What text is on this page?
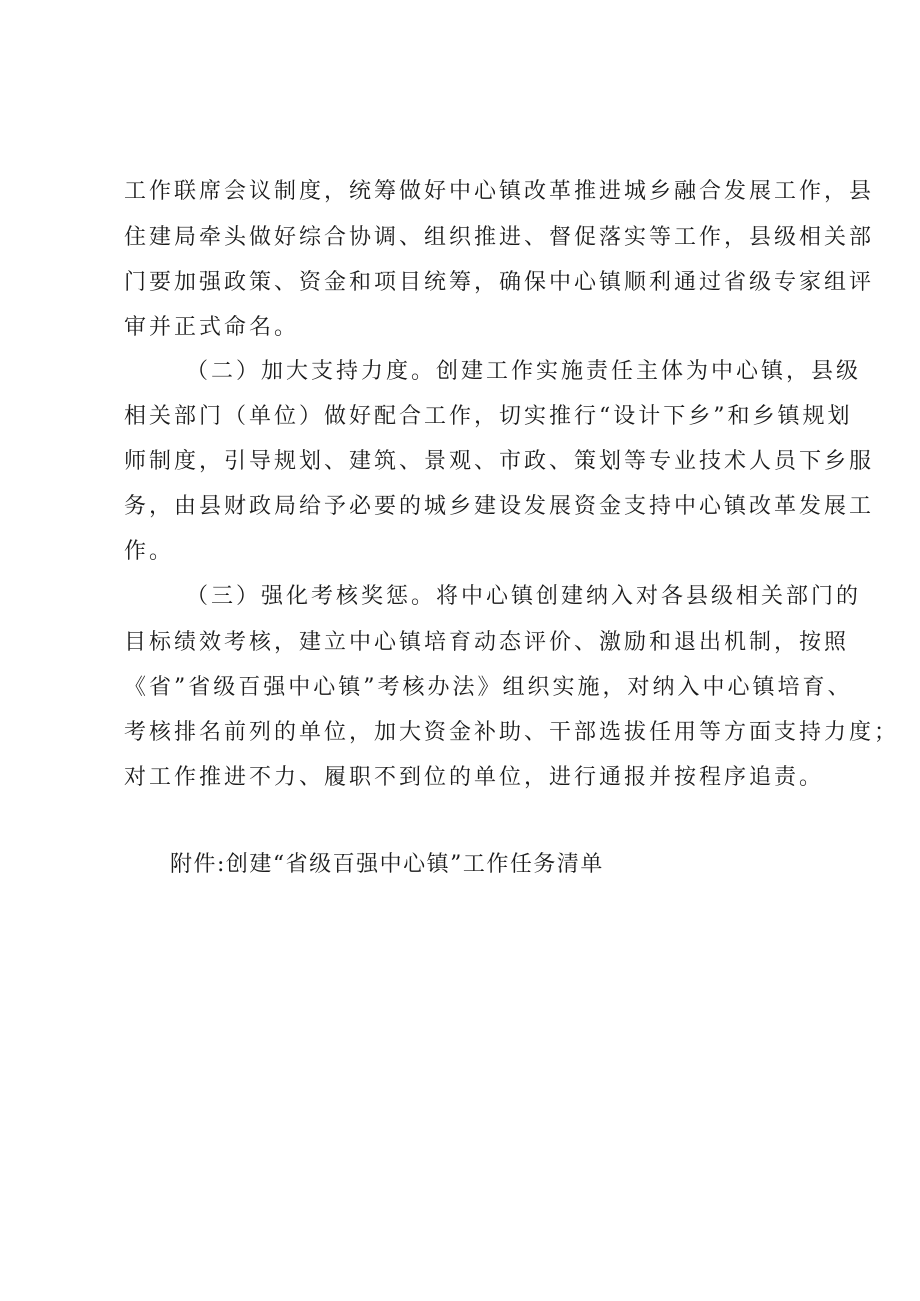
工作联席会议制度，统筹做好中心镇改革推进城乡融合发展工作，县
住建局牵头做好综合协调、组织推进、督促落实等工作，县级相关部
门要加强政策、资金和项目统筹，确保中心镇顺利通过省级专家组评
审并正式命名。
（二）加大支持力度。创建工作实施责任主体为中心镇，县级
相关部门（单位）做好配合工作，切实推行“设计下乡”和乡镇规划
师制度，引导规划、建筑、景观、市政、策划等专业技术人员下乡服
务，由县财政局给予必要的城乡建设发展资金支持中心镇改革发展工
作。
（三）强化考核奖惩。将中心镇创建纳入对各县级相关部门的
目标绩效考核，建立中心镇培育动态评价、激励和退出机制，按照
《省”省级百强中心镇”考核办法》组织实施，对纳入中心镇培育、
考核排名前列的单位，加大资金补助、干部选拔任用等方面支持力度；
对工作推进不力、履职不到位的单位，进行通报并按程序追责。
附件:创建“省级百强中心镇”工作任务清单
